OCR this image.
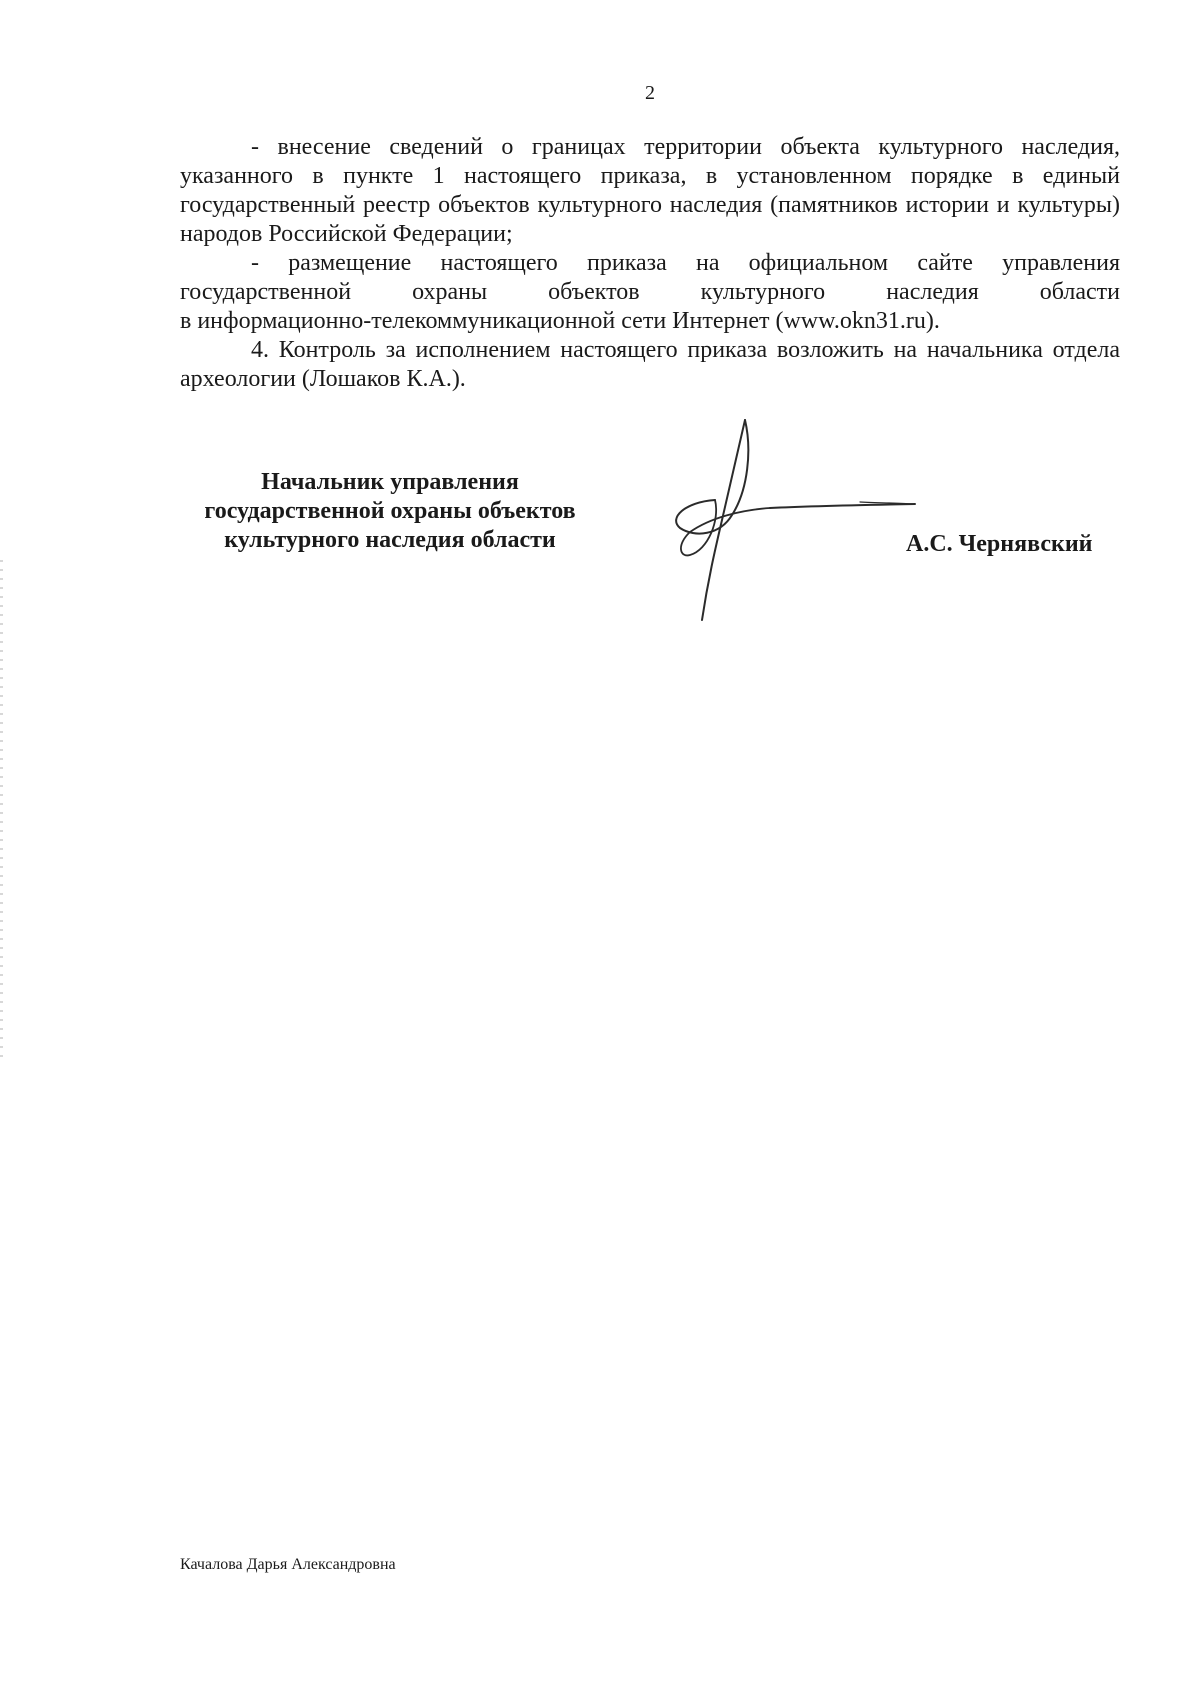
2

- внесение сведений о границах территории объекта культурного наследия, указанного в пункте 1 настоящего приказа, в установленном порядке в единый государственный реестр объектов культурного наследия (памятников истории и культуры) народов Российской Федерации;

- размещение настоящего приказа на официальном сайте управления государственной охраны объектов культурного наследия области

в информационно-телекоммуникационной сети Интернет (www.okn31.ru).

4. Контроль за исполнением настоящего приказа возложить на начальника отдела археологии (Лошаков К.А.).

Начальник управления
государственной охраны объектов
культурного наследия области	А.С. Чернявский
Качалова Дарья Александровна
